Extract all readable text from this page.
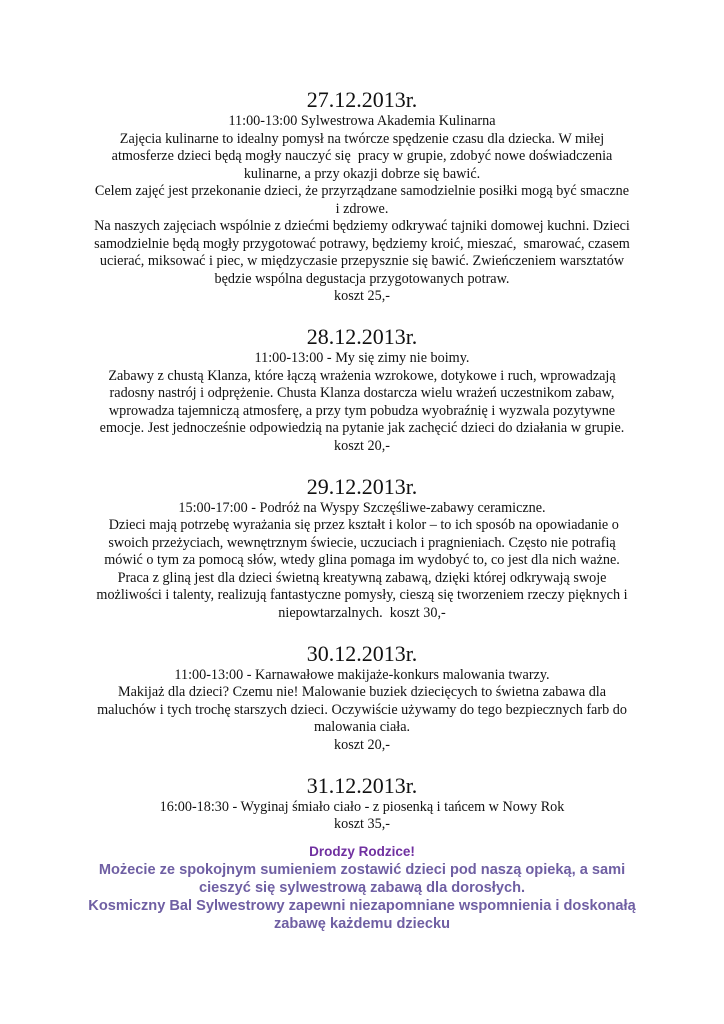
27.12.2013r.

11:00-13:00 Sylwestrowa Akademia Kulinarna

Zajęcia kulinarne to idealny pomysł na twórcze spędzenie czasu dla dziecka. W miłej

atmosferze dzieci będą mogły nauczyć się  pracy w grupie, zdobyć nowe doświadczenia

kulinarne, a przy okazji dobrze się bawić.

Celem zajęć jest przekonanie dzieci, że przyrządzane samodzielnie posiłki mogą być smaczne

i zdrowe.

Na naszych zajęciach wspólnie z dziećmi będziemy odkrywać tajniki domowej kuchni. Dzieci

samodzielnie będą mogły przygotować potrawy, będziemy kroić, mieszać,  smarować, czasem

ucierać, miksować i piec, w międzyczasie przepysznie się bawić. Zwieńczeniem warsztatów

będzie wspólna degustacja przygotowanych potraw.

koszt 25,-

28.12.2013r.

11:00-13:00 - My się zimy nie boimy.

Zabawy z chustą Klanza, które łączą wrażenia wzrokowe, dotykowe i ruch, wprowadzają

radosny nastrój i odprężenie. Chusta Klanza dostarcza wielu wrażeń uczestnikom zabaw,

wprowadza tajemniczą atmosferę, a przy tym pobudza wyobraźnię i wyzwala pozytywne

emocje. Jest jednocześnie odpowiedzią na pytanie jak zachęcić dzieci do działania w grupie.

koszt 20,-

29.12.2013r.

15:00-17:00 - Podróż na Wyspy Szczęśliwe-zabawy ceramiczne.

Dzieci mają potrzebę wyrażania się przez kształt i kolor – to ich sposób na opowiadanie o

swoich przeżyciach, wewnętrznym świecie, uczuciach i pragnieniach. Często nie potrafią

mówić o tym za pomocą słów, wtedy glina pomaga im wydobyć to, co jest dla nich ważne.

Praca z gliną jest dla dzieci świetną kreatywną zabawą, dzięki której odkrywają swoje

możliwości i talenty, realizują fantastyczne pomysły, cieszą się tworzeniem rzeczy pięknych i

niepowtarzalnych.  koszt 30,-

30.12.2013r.

11:00-13:00 - Karnawałowe makijaże-konkurs malowania twarzy.

Makijaż dla dzieci? Czemu nie! Malowanie buziek dziecięcych to świetna zabawa dla

maluchów i tych trochę starszych dzieci. Oczywiście używamy do tego bezpiecznych farb do

malowania ciała.

koszt 20,-

31.12.2013r.

16:00-18:30 - Wyginaj śmiało ciało - z piosenką i tańcem w Nowy Rok

koszt 35,-

Drodzy Rodzice!

Możecie ze spokojnym sumieniem zostawić dzieci pod naszą opieką, a sami

cieszyć się sylwestrową zabawą dla dorosłych.

Kosmiczny Bal Sylwestrowy zapewni niezapomniane wspomnienia i doskonałą

zabawę każdemu dziecku
